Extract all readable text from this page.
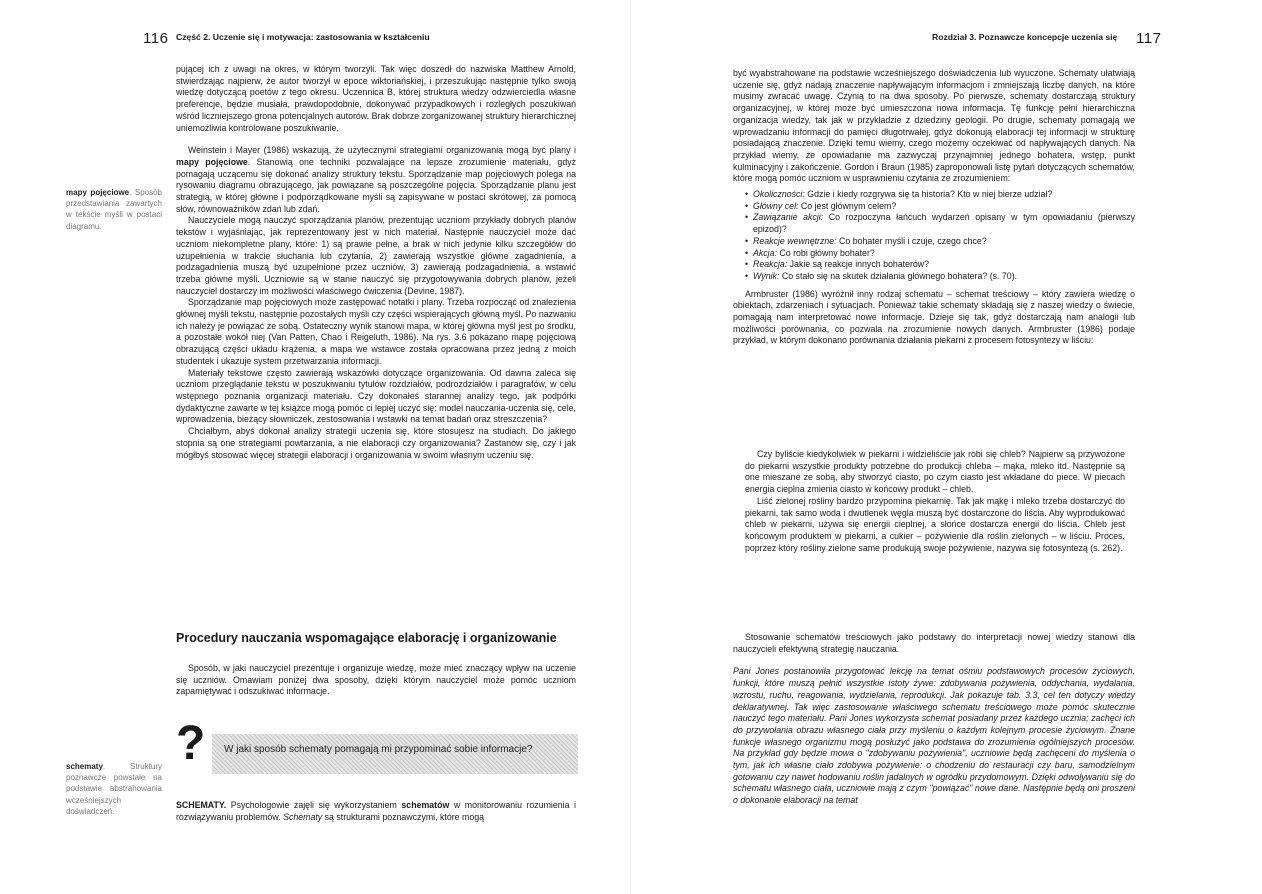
116 Część 2. Uczenie się i motywacja: zastosowania w kształceniu
mapy pojęciowe. Sposób przedstawiania zawartych w tekście myśli w postaci diagramu.
schematy. Struktury poznawcze powstałe na podstawie abstrahowania wcześniejszych doświadczeń.

pującej ich z uwagi na okres, w którym tworzyli. Tak więc doszedł do nazwiska Matthew Arnold, stwierdzając najpierw, że autor tworzył w epoce wiktoriańskiej, i przeszukując następnie tylko swoją wiedzę dotyczącą poetów z tego okresu. Uczennica B, której struktura wiedzy odzwierciedla własne preferencje, będzie musiała, prawdopodobnie, dokonywać przypadkowych i rozległych poszukiwań wśród liczniejszego grona potencjalnych autorów. Brak dobrze zorganizowanej struktury hierarchicznej uniemożliwia kontrolowane poszukiwanie.

Weinstein i Mayer (1986) wskazują, że użytecznymi strategiami organizowania mogą być plany i mapy pojęciowe. Stanowią one techniki pozwalające na lepsze zrozumienie materiału, gdyż pomagają uczącemu się dokonać analizy struktury tekstu. Sporządzanie map pojęciowych polega na rysowaniu diagramu obrazującego, jak powiązane są poszczególne pojęcia. Sporządzanie planu jest strategią, w której główne i podporządkowane myśli są zapisywane w postaci skrótowej, za pomocą słów, równoważników zdań lub zdań.

Nauczyciele mogą nauczyć sporządzania planów, prezentując uczniom przykłady dobrych planów tekstów i wyjaśniając, jak reprezentowany jest w nich materiał. Następnie nauczyciel może dać uczniom niekompletne plany, które: 1) są prawie pełne, a brak w nich jedynie kilku szczegółów do uzupełnienia w trakcie słuchania lub czytania, 2) zawierają wszystkie główne zagadnienia, a podzagadnienia muszą być uzupełnione przez uczniów, 3) zawierają podzagadnienia, a wstawić trzeba główne myśli. Uczniowie są w stanie nauczyć się przygotowywania dobrych planów, jeżeli nauczyciel dostarczy im możliwości właściwego ćwiczenia (Devine, 1987).

Sporządzanie map pojęciowych może zastępować notatki i plany. Trzeba rozpocząć od znalezienia głównej myśli tekstu, następnie pozostałych myśli czy części wspierających główną myśl. Po nazwaniu ich należy je powiązać ze sobą. Ostateczny wynik stanowi mapa, w której główna myśl jest po środku, a pozostałe wokół niej (Van Patten, Chao i Reigeluth, 1986). Na rys. 3.6 pokazano mapę pojęciową obrazującą części układu krążenia, a mapa we wstawce została opracowana przez jedną z moich studentek i ukazuje system przetwarzania informacji.

Materiały tekstowe często zawierają wskazówki dotyczące organizowania. Od dawna zaleca się uczniom przeglądanie tekstu w poszukiwaniu tytułów rozdziałów, podrozdziałów i paragrafów, w celu wstępnego poznania organizacji materiału. Czy dokonałeś starannej analizy tego, jak podpórki dydaktyczne zawarte w tej książce mogą pomóc ci lepiej uczyć się: model nauczania-uczenia się, cele, wprowadzenia, bieżący słowniczek, zestosowania i wstawki na temat badań oraz streszczenia?

Chciałbym, abyś dokonał analizy strategii uczenia się, które stosujesz na studiach. Do jakiego stopnia są one strategiami powtarzania, a nie elaboracji czy organizowania? Zastanów się, czy i jak mógłbyś stosować więcej strategii elaboracji i organizowania w swoim własnym uczeniu się.

Procedury nauczania wspomagające elaborację i organizowanie

Sposób, w jaki nauczyciel prezentuje i organizuje wiedzę, może mieć znaczący wpływ na uczenie się uczniów. Omawiam poniżej dwa sposoby, dzięki którym nauczyciel może pomóc uczniom zapamiętywać i odszukiwać informacje.

? W jaki sposób schematy pomagają mi przypominać sobie informacje?

SCHEMATY. Psychologowie zajęli się wykorzystaniem schematów w monitorowaniu rozumienia i rozwiązywaniu problemów. Schematy są strukturami poznawczymi, które mogą

Rozdział 3. Poznawcze koncepcje uczenia się 117

być wyabstrahowane na podstawie wcześniejszego doświadczenia lub wyuczone. Schematy ułatwiają uczenie się, gdyż nadają znaczenie napływającym informacjom i zmniejszają liczbę danych, na które musimy zwracać uwagę. Czynią to na dwa sposoby. Po pierwsze, schematy dostarczają struktury organizacyjnej, w której może być umieszczona nowa informacja. Tę funkcję pełni hierarchiczna organizacja wiedzy, tak jak w przykładzie z dziedziny geologii. Po drugie, schematy pomagają we wprowadzaniu informacji do pamięci długotrwałej, gdyż dokonują elaboracji tej informacji w strukturę posiadającą znaczenie. Dzięki temu wiemy, czego możemy oczekiwać od napływających danych. Na przykład wiemy, że opowiadanie ma zazwyczaj przynajmniej jednego bohatera, wstęp, punkt kulminacyjny i zakończenie. Gordon i Braun (1985) zaproponowali listę pytań dotyczących schematów, które mogą pomóc uczniom w usprawnieniu czytania ze zrozumieniem:

• Okoliczności: Gdzie i kiedy rozgrywa się ta historia? Kto w niej bierze udział?
• Główny cel: Co jest głównym celem?
• Zawiązanie akcji: Co rozpoczyna łańcuch wydarzeń opisany w tym opowiadaniu (pierwszy epizod)?
• Reakcje wewnętrzne: Co bohater myśli i czuje, czego chce?
• Akcja: Co robi główny bohater?
• Reakcja: Jakie są reakcje innych bohaterów?
• Wynik: Co stało się na skutek działania głównego bohatera? (s. 70).

Armbruster (1986) wyróżnił inny rodzaj schematu – schemat treściowy – który zawiera wiedzę o obiektach, zdarzeniach i sytuacjach. Ponieważ takie schematy składają się z naszej wiedzy o świecie, pomagają nam interpretować nowe informacje. Dzieje się tak, gdyż dostarczają nam analogii lub możliwości porównania, co pozwala na zrozumienie nowych danych. Armbruster (1986) podaje przykład, w którym dokonano porównania działania piekarni z procesem fotosyntezy w liściu:

Czy byliście kiedykolwiek w piekarni i widzieliście jak robi się chleb? Najpierw są przywożone do piekarni wszystkie produkty potrzebne do produkcji chleba – mąka, mleko itd. Następnie są one mieszane ze sobą, aby stworzyć ciasto, po czym ciasto jest wkładane do piece. W piecach energia cieplna zmienia ciasto w końcowy produkt – chleb.

Liść zielonej rośliny bardzo przypomina piekarnię. Tak jak mąkę i mleko trzeba dostarczyć do piekarni, tak samo woda i dwutlenek węgla muszą być dostarczone do liścia. Aby wyprodukować chleb w piekarni, używa się energii cieplnej, a słońce dostarcza energii do liścia. Chleb jest końcowym produktem w piekarni, a cukier – pożywienie dla roślin zielonych – w liściu. Proces, poprzez który rośliny zielone same produkują swoje pożywienie, nazywa się fotosyntezą (s. 262).

Stosowanie schematów treściowych jako podstawy do interpretacji nowej wiedzy stanowi dla nauczycieli efektywną strategię nauczania.

Pani Jones postanowiła przygotować lekcję na temat ośmiu podstawowych procesów życiowych, funkcji, które muszą pełnić wszystkie istoty żywe: zdobywania pożywienia, oddychania, wydalania, wzrostu, ruchu, reagowania, wydzielania, reprodukcji. Jak pokazuje tab. 3.3, cel ten dotyczy wiedzy deklaratywnej. Tak więc zastosowanie właściwego schematu treściowego może pomóc skutecznie nauczyć tego materiału. Pani Jones wykorzysta schemat posiadany przez każdego ucznia; zachęci ich do przywołania obrazu własnego ciała przy myśleniu o każdym kolejnym procesie życiowym. Znane funkcje własnego organizmu mogą posłużyć jako podstawa do zrozumienia ogólniejszych procesów. Na przykład gdy będzie mowa o "zdobywaniu pożywienia", uczniowie będą zachęceni do myślenia o tym, jak ich własne ciało zdobywa pożywienie: o chodzeniu do restauracji czy baru, samodzielnym gotowaniu czy nawet hodowaniu roślin jadalnych w ogródku przydomowym. Dzięki odwoływaniu się do schematu własnego ciała, uczniowie mają z czym "powiązać" nowe dane. Następnie będą oni proszeni o dokonanie elaboracji na temat
